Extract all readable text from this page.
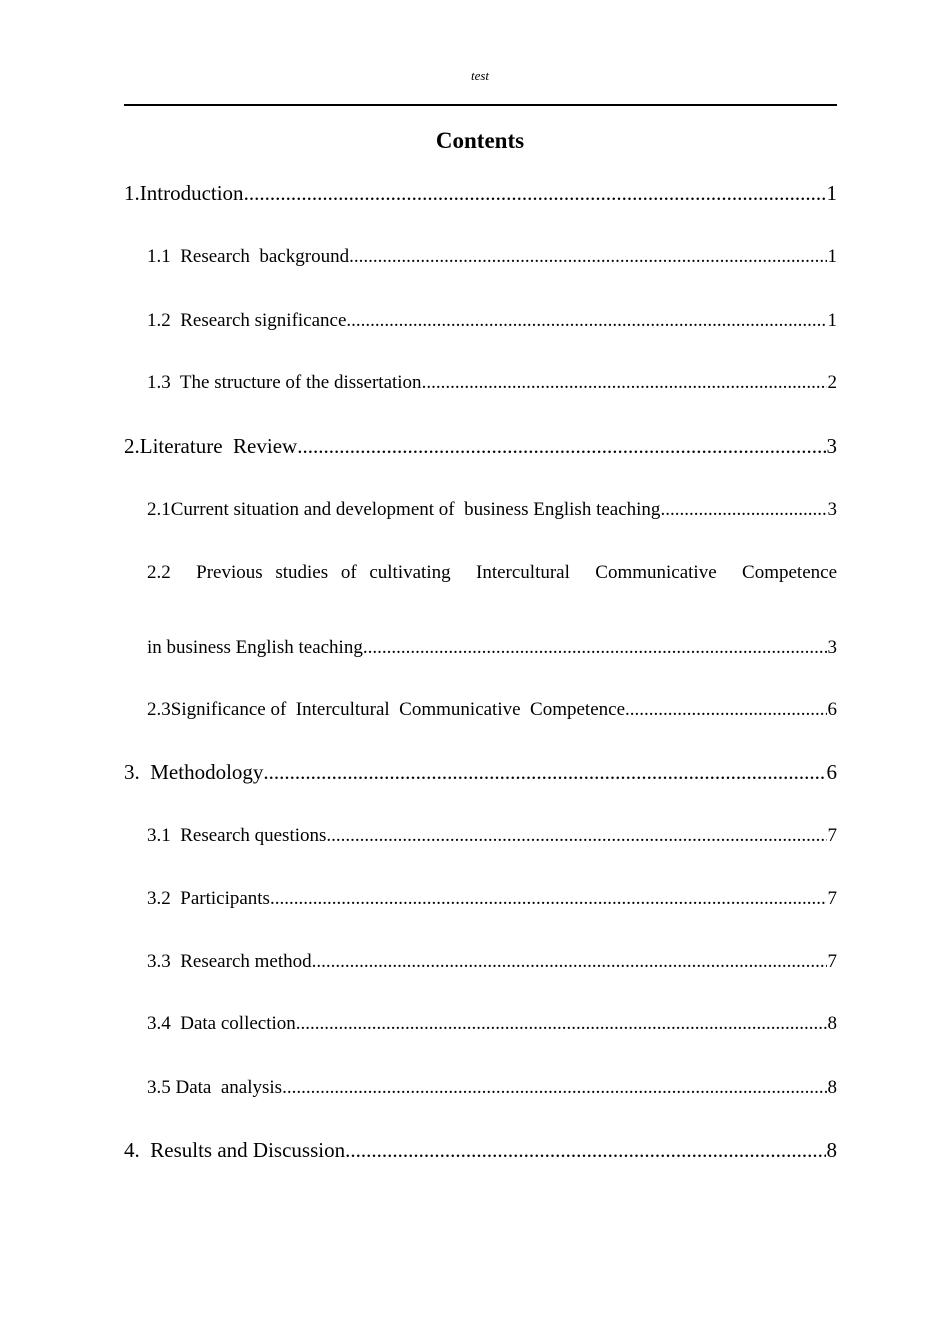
test
Contents
1.Introduction .....	1
1.1  Research  background .....	1
1.2  Research significance .....	1
1.3  The structure of the dissertation .....	2
2.Literature  Review .....	3
2.1Current situation and development of  business English teaching .....	3
2.2  Previous studies of cultivating  Intercultural  Communicative  Competence
in business English teaching .....	3
2.3Significance of  Intercultural  Communicative  Competence .....	6
3.  Methodology .....	6
3.1  Research questions .....	7
3.2  Participants .....	7
3.3  Research method .....	7
3.4  Data collection .....	8
3.5 Data  analysis .....	8
4.  Results and Discussion .....	8
